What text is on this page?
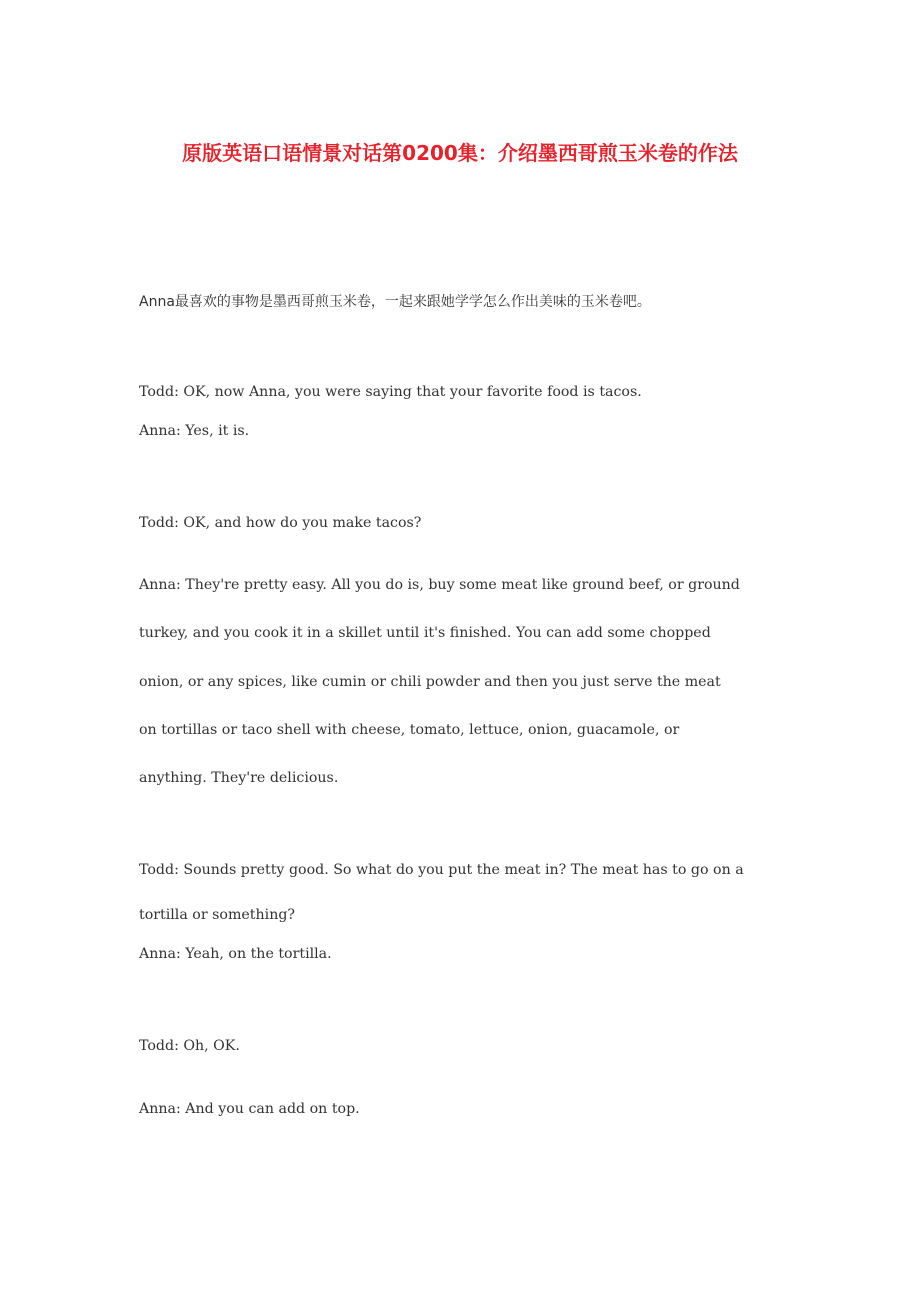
原版英语口语情景对话第0200集：介绍墨西哥煎玉米卷的作法
Anna最喜欢的事物是墨西哥煎玉米卷，一起来跟她学学怎么作出美味的玉米卷吧。
Todd: OK, now Anna, you were saying that your favorite food is tacos.
Anna: Yes, it is.
Todd: OK, and how do you make tacos?
Anna: They're pretty easy. All you do is, buy some meat like ground beef, or ground
turkey, and you cook it in a skillet until it's finished. You can add some chopped
onion, or any spices, like cumin or chili powder and then you just serve the meat
on tortillas or taco shell with cheese, tomato, lettuce, onion, guacamole, or
anything. They're delicious.
Todd: Sounds pretty good. So what do you put the meat in? The meat has to go on a
tortilla or something?
Anna: Yeah, on the tortilla.
Todd: Oh, OK.
Anna: And you can add on top.
